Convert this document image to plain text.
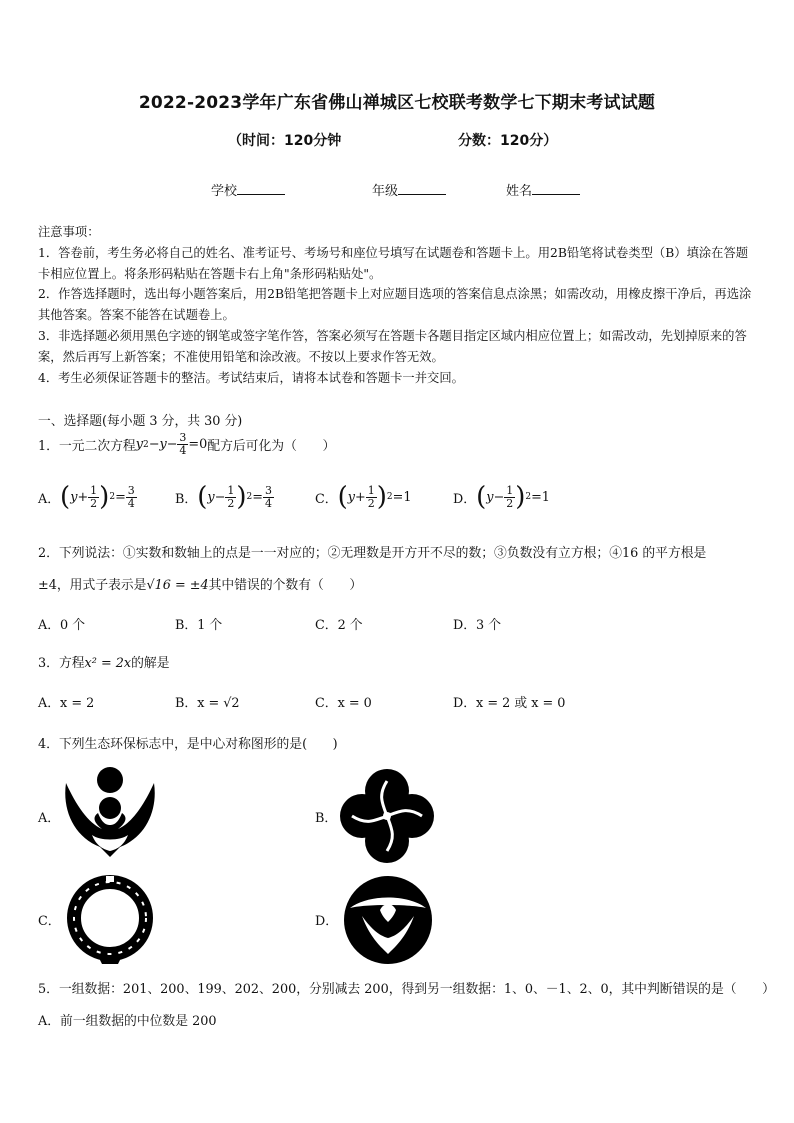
2022-2023学年广东省佛山禅城区七校联考数学七下期末考试试题
（时间：120分钟	分数：120分）
学校	年级	姓名

注意事项：

1．答卷前，考生务必将自己的姓名、准考证号、考场号和座位号填写在试题卷和答题卡上。用2B铅笔将试卷类型（B）填涂在答题卡相应位置上。将条形码粘贴在答题卡右上角"条形码粘贴处"。

2．作答选择题时，选出每小题答案后，用2B铅笔把答题卡上对应题目选项的答案信息点涂黑；如需改动，用橡皮擦干净后，再选涂其他答案。答案不能答在试题卷上。

3．非选择题必须用黑色字迹的钢笔或签字笔作答，答案必须写在答题卡各题目指定区域内相应位置上；如需改动，先划掉原来的答案，然后再写上新答案；不准使用铅笔和涂改液。不按以上要求作答无效。

4．考生必须保证答题卡的整洁。考试结束后，请将本试卷和答题卡一并交回。

一、选择题(每小题 3 分，共 30 分)
1．一元二次方程 y $2 - y - \frac{3}{4} =0$ 配方后可化为（　　）
A． ( $y + \frac{1}{2}$ ) $2 = \frac{3}{4}$	B． ( $y - \frac{1}{2}$ ) $2 = \frac{3}{4}$	C． ( $y + \frac{1}{2}$ ) 2 =1	D． ( $y - \frac{1}{2}$ ) 2 =1
2．下列说法：①实数和数轴上的点是一一对应的；②无理数是开方开不尽的数；③负数没有立方根；④16 的平方根是
±4，用式子表示是√16 = ±4其中错误的个数有（　　）
A．0 个	B．1 个	C．2 个	D．3 个
3．方程x² = 2x的解是
A．x = 2	B．x = √2	C．x = 0	D．x = 2 或 x = 0
4．下列生态环保标志中，是中心对称图形的是(　　)
A．	B．
C．	D．
5．一组数据：201、200、199、202、200，分别减去 200，得到另一组数据：1、0、－1、2、0，其中判断错误的是（　　）
A．前一组数据的中位数是 200
